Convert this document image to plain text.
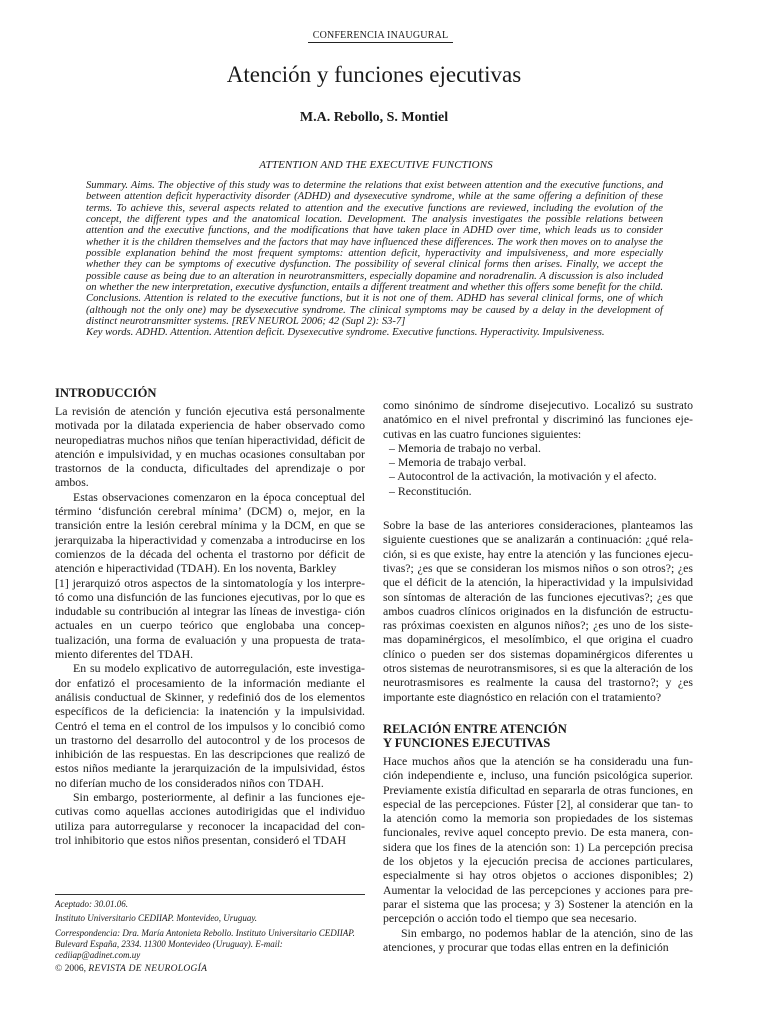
CONFERENCIA INAUGURAL
Atención y funciones ejecutivas
M.A. Rebollo, S. Montiel
ATTENTION AND THE EXECUTIVE FUNCTIONS

Summary. Aims. The objective of this study was to determine the relations that exist between attention and the executive functions, and between attention deficit hyperactivity disorder (ADHD) and dysexecutive syndrome, while at the same offering a definition of these terms. To achieve this, several aspects related to attention and the executive functions are reviewed, including the evolution of the concept, the different types and the anatomical location. Development. The analysis investigates the possible relations between attention and the executive functions, and the modifications that have taken place in ADHD over time, which leads us to consider whether it is the children themselves and the factors that may have influenced these differences. The work then moves on to analyse the possible explanation behind the most frequent symptoms: attention deficit, hyperactivity and impulsiveness, and more especially whether they can be symptoms of executive dysfunction. The possibility of several clinical forms then arises. Finally, we accept the possible cause as being due to an alteration in neurotransmitters, especially dopamine and noradrenalin. A discussion is also included on whether the new interpretation, executive dysfunction, entails a different treatment and whether this offers some benefit for the child. Conclusions. Attention is related to the executive functions, but it is not one of them. ADHD has several clinical forms, one of which (although not the only one) may be dysexecutive syndrome. The clinical symptoms may be caused by a delay in the development of distinct neurotransmitter systems. [REV NEUROL 2006; 42 (Supl 2): S3-7]

Key words. ADHD. Attention. Attention deficit. Dysexecutive syndrome. Executive functions. Hyperactivity. Impulsiveness.

INTRODUCCIÓN

La revisión de atención y función ejecutiva está personalmente motivada por la dilatada experiencia de haber observado como neuropediatras muchos niños que tenían hiperactividad, déficit de atención e impulsividad, y en muchas ocasiones consultaban por trastornos de la conducta, dificultades del aprendizaje o por ambos.

Estas observaciones comenzaron en la época conceptual del término ‘disfunción cerebral mínima’ (DCM) o, mejor, en la transición entre la lesión cerebral mínima y la DCM, en que se jerarquizaba la hiperactividad y comenzaba a introducirse en los comienzos de la década del ochenta el trastorno por déficit de atención e hiperactividad (TDAH). En los noventa, Barkley

[1] jerarquizó otros aspectos de la sintomatología y los interpre- tó como una disfunción de las funciones ejecutivas, por lo que es indudable su contribución al integrar las líneas de investiga- ción actuales en un cuerpo teórico que englobaba una concep- tualización, una forma de evaluación y una propuesta de trata- miento diferentes del TDAH.

En su modelo explicativo de autorregulación, este investiga- dor enfatizó el procesamiento de la información mediante el análisis conductual de Skinner, y redefinió dos de los elementos específicos de la deficiencia: la inatención y la impulsividad. Centró el tema en el control de los impulsos y lo concibió como un trastorno del desarrollo del autocontrol y de los procesos de inhibición de las respuestas. En las descripciones que realizó de estos niños mediante la jerarquización de la impulsividad, éstos no diferían mucho de los considerados niños con TDAH.

Sin embargo, posteriormente, al definir a las funciones eje- cutivas como aquellas acciones autodirigidas que el individuo utiliza para autorregularse y reconocer la incapacidad del con- trol inhibitorio que estos niños presentan, consideró el TDAH

como sinónimo de síndrome disejecutivo. Localizó su sustrato anatómico en el nivel prefrontal y discriminó las funciones eje- cutivas en las cuatro funciones siguientes:

– Memoria de trabajo no verbal.
– Memoria de trabajo verbal.
– Autocontrol de la activación, la motivación y el afecto.
– Reconstitución.

Sobre la base de las anteriores consideraciones, planteamos las siguiente cuestiones que se analizarán a continuación: ¿qué rela- ción, si es que existe, hay entre la atención y las funciones ejecu- tivas?; ¿es que se consideran los mismos niños o son otros?; ¿es que el déficit de la atención, la hiperactividad y la impulsividad son síntomas de alteración de las funciones ejecutivas?; ¿es que ambos cuadros clínicos originados en la disfunción de estructu- ras próximas coexisten en algunos niños?; ¿es uno de los siste- mas dopaminérgicos, el mesolímbico, el que origina el cuadro clínico o pueden ser dos sistemas dopaminérgicos diferentes u otros sistemas de neurotransmisores, si es que la alteración de los neurotrasmisores es realmente la causa del trastorno?; y ¿es importante este diagnóstico en relación con el tratamiento?

RELACIÓN ENTRE ATENCIÓN
Y FUNCIONES EJECUTIVAS

Hace muchos años que la atención se ha consideradu una fun- ción independiente e, incluso, una función psicológica superior. Previamente existía dificultad en separarla de otras funciones, en especial de las percepciones. Fúster [2], al considerar que tan- to la atención como la memoria son propiedades de los sistemas funcionales, revive aquel concepto previo. De esta manera, con- sidera que los fines de la atención son: 1) La percepción precisa de los objetos y la ejecución precisa de acciones particulares, especialmente si hay otros objetos o acciones disponibles; 2) Aumentar la velocidad de las percepciones y acciones para pre- parar el sistema que las procesa; y 3) Sostener la atención en la percepción o acción todo el tiempo que sea necesario.

Sin embargo, no podemos hablar de la atención, sino de las atenciones, y procurar que todas ellas entren en la definición

Aceptado: 30.01.06.

Instituto Universitario CEDIIAP. Montevideo, Uruguay.

Correspondencia: Dra. María Antonieta Rebollo. Instituto Universitario CEDIIAP. Bulevard España, 2334. 11300 Montevideo (Uruguay). E-mail: cediiap@adinet.com.uy

© 2006, REVISTA DE NEUROLOGÍA
